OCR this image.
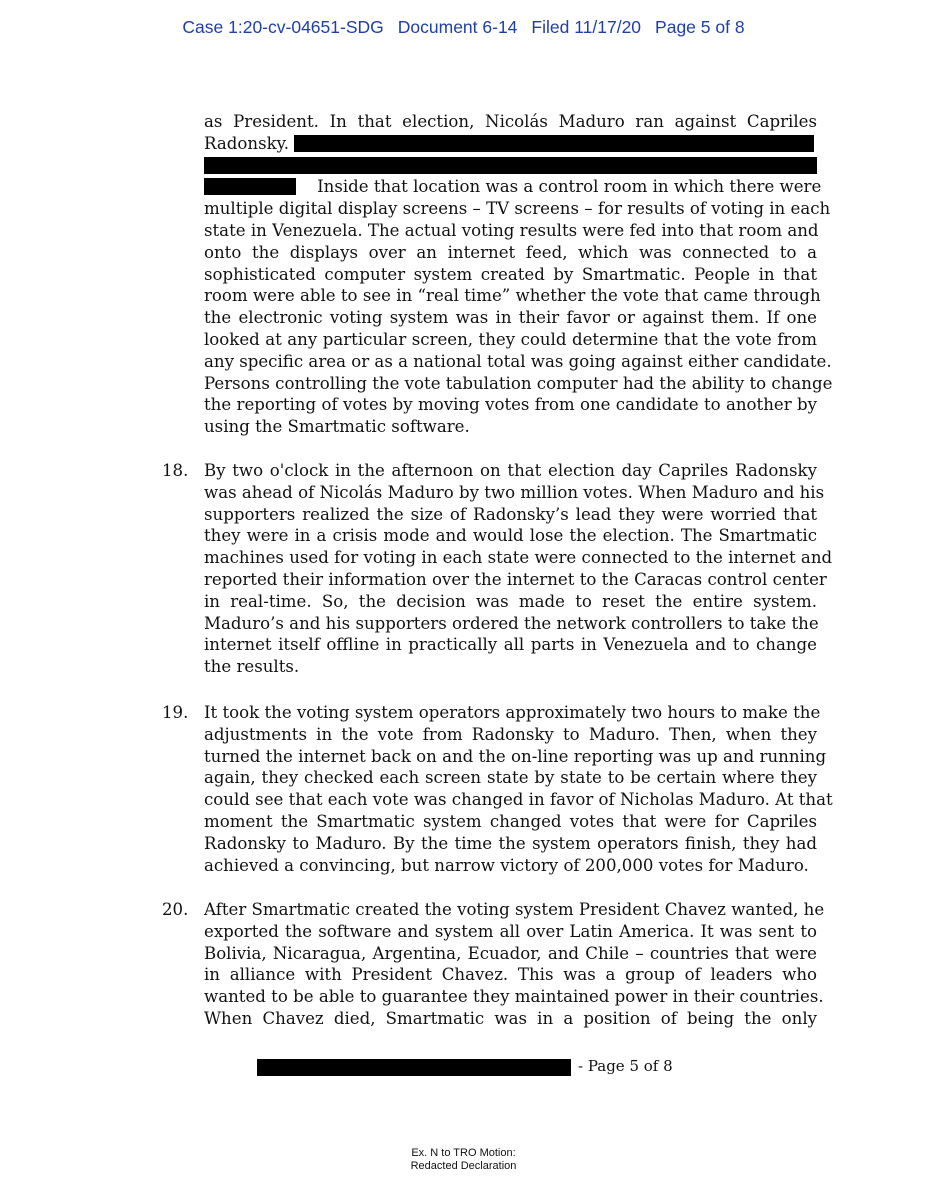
Case 1:20-cv-04651-SDG Document 6-14 Filed 11/17/20 Page 5 of 8
as President. In that election, Nicolás Maduro ran against Capriles
Radonsky.

Inside that location was a control room in which there were
multiple digital display screens – TV screens – for results of voting in each
state in Venezuela. The actual voting results were fed into that room and
onto the displays over an internet feed, which was connected to a
sophisticated computer system created by Smartmatic. People in that
room were able to see in “real time” whether the vote that came through
the electronic voting system was in their favor or against them. If one
looked at any particular screen, they could determine that the vote from
any specific area or as a national total was going against either candidate.
Persons controlling the vote tabulation computer had the ability to change
the reporting of votes by moving votes from one candidate to another by
using the Smartmatic software.
18. By two o'clock in the afternoon on that election day Capriles Radonsky
was ahead of Nicolás Maduro by two million votes. When Maduro and his
supporters realized the size of Radonsky’s lead they were worried that
they were in a crisis mode and would lose the election. The Smartmatic
machines used for voting in each state were connected to the internet and
reported their information over the internet to the Caracas control center
in real-time. So, the decision was made to reset the entire system.
Maduro’s and his supporters ordered the network controllers to take the
internet itself offline in practically all parts in Venezuela and to change
the results.
19. It took the voting system operators approximately two hours to make the
adjustments in the vote from Radonsky to Maduro. Then, when they
turned the internet back on and the on-line reporting was up and running
again, they checked each screen state by state to be certain where they
could see that each vote was changed in favor of Nicholas Maduro. At that
moment the Smartmatic system changed votes that were for Capriles
Radonsky to Maduro. By the time the system operators finish, they had
achieved a convincing, but narrow victory of 200,000 votes for Maduro.
20. After Smartmatic created the voting system President Chavez wanted, he
exported the software and system all over Latin America. It was sent to
Bolivia, Nicaragua, Argentina, Ecuador, and Chile – countries that were
in alliance with President Chavez. This was a group of leaders who
wanted to be able to guarantee they maintained power in their countries.
When Chavez died, Smartmatic was in a position of being the only
- Page 5 of 8
Ex. N to TRO Motion:
Redacted Declaration
